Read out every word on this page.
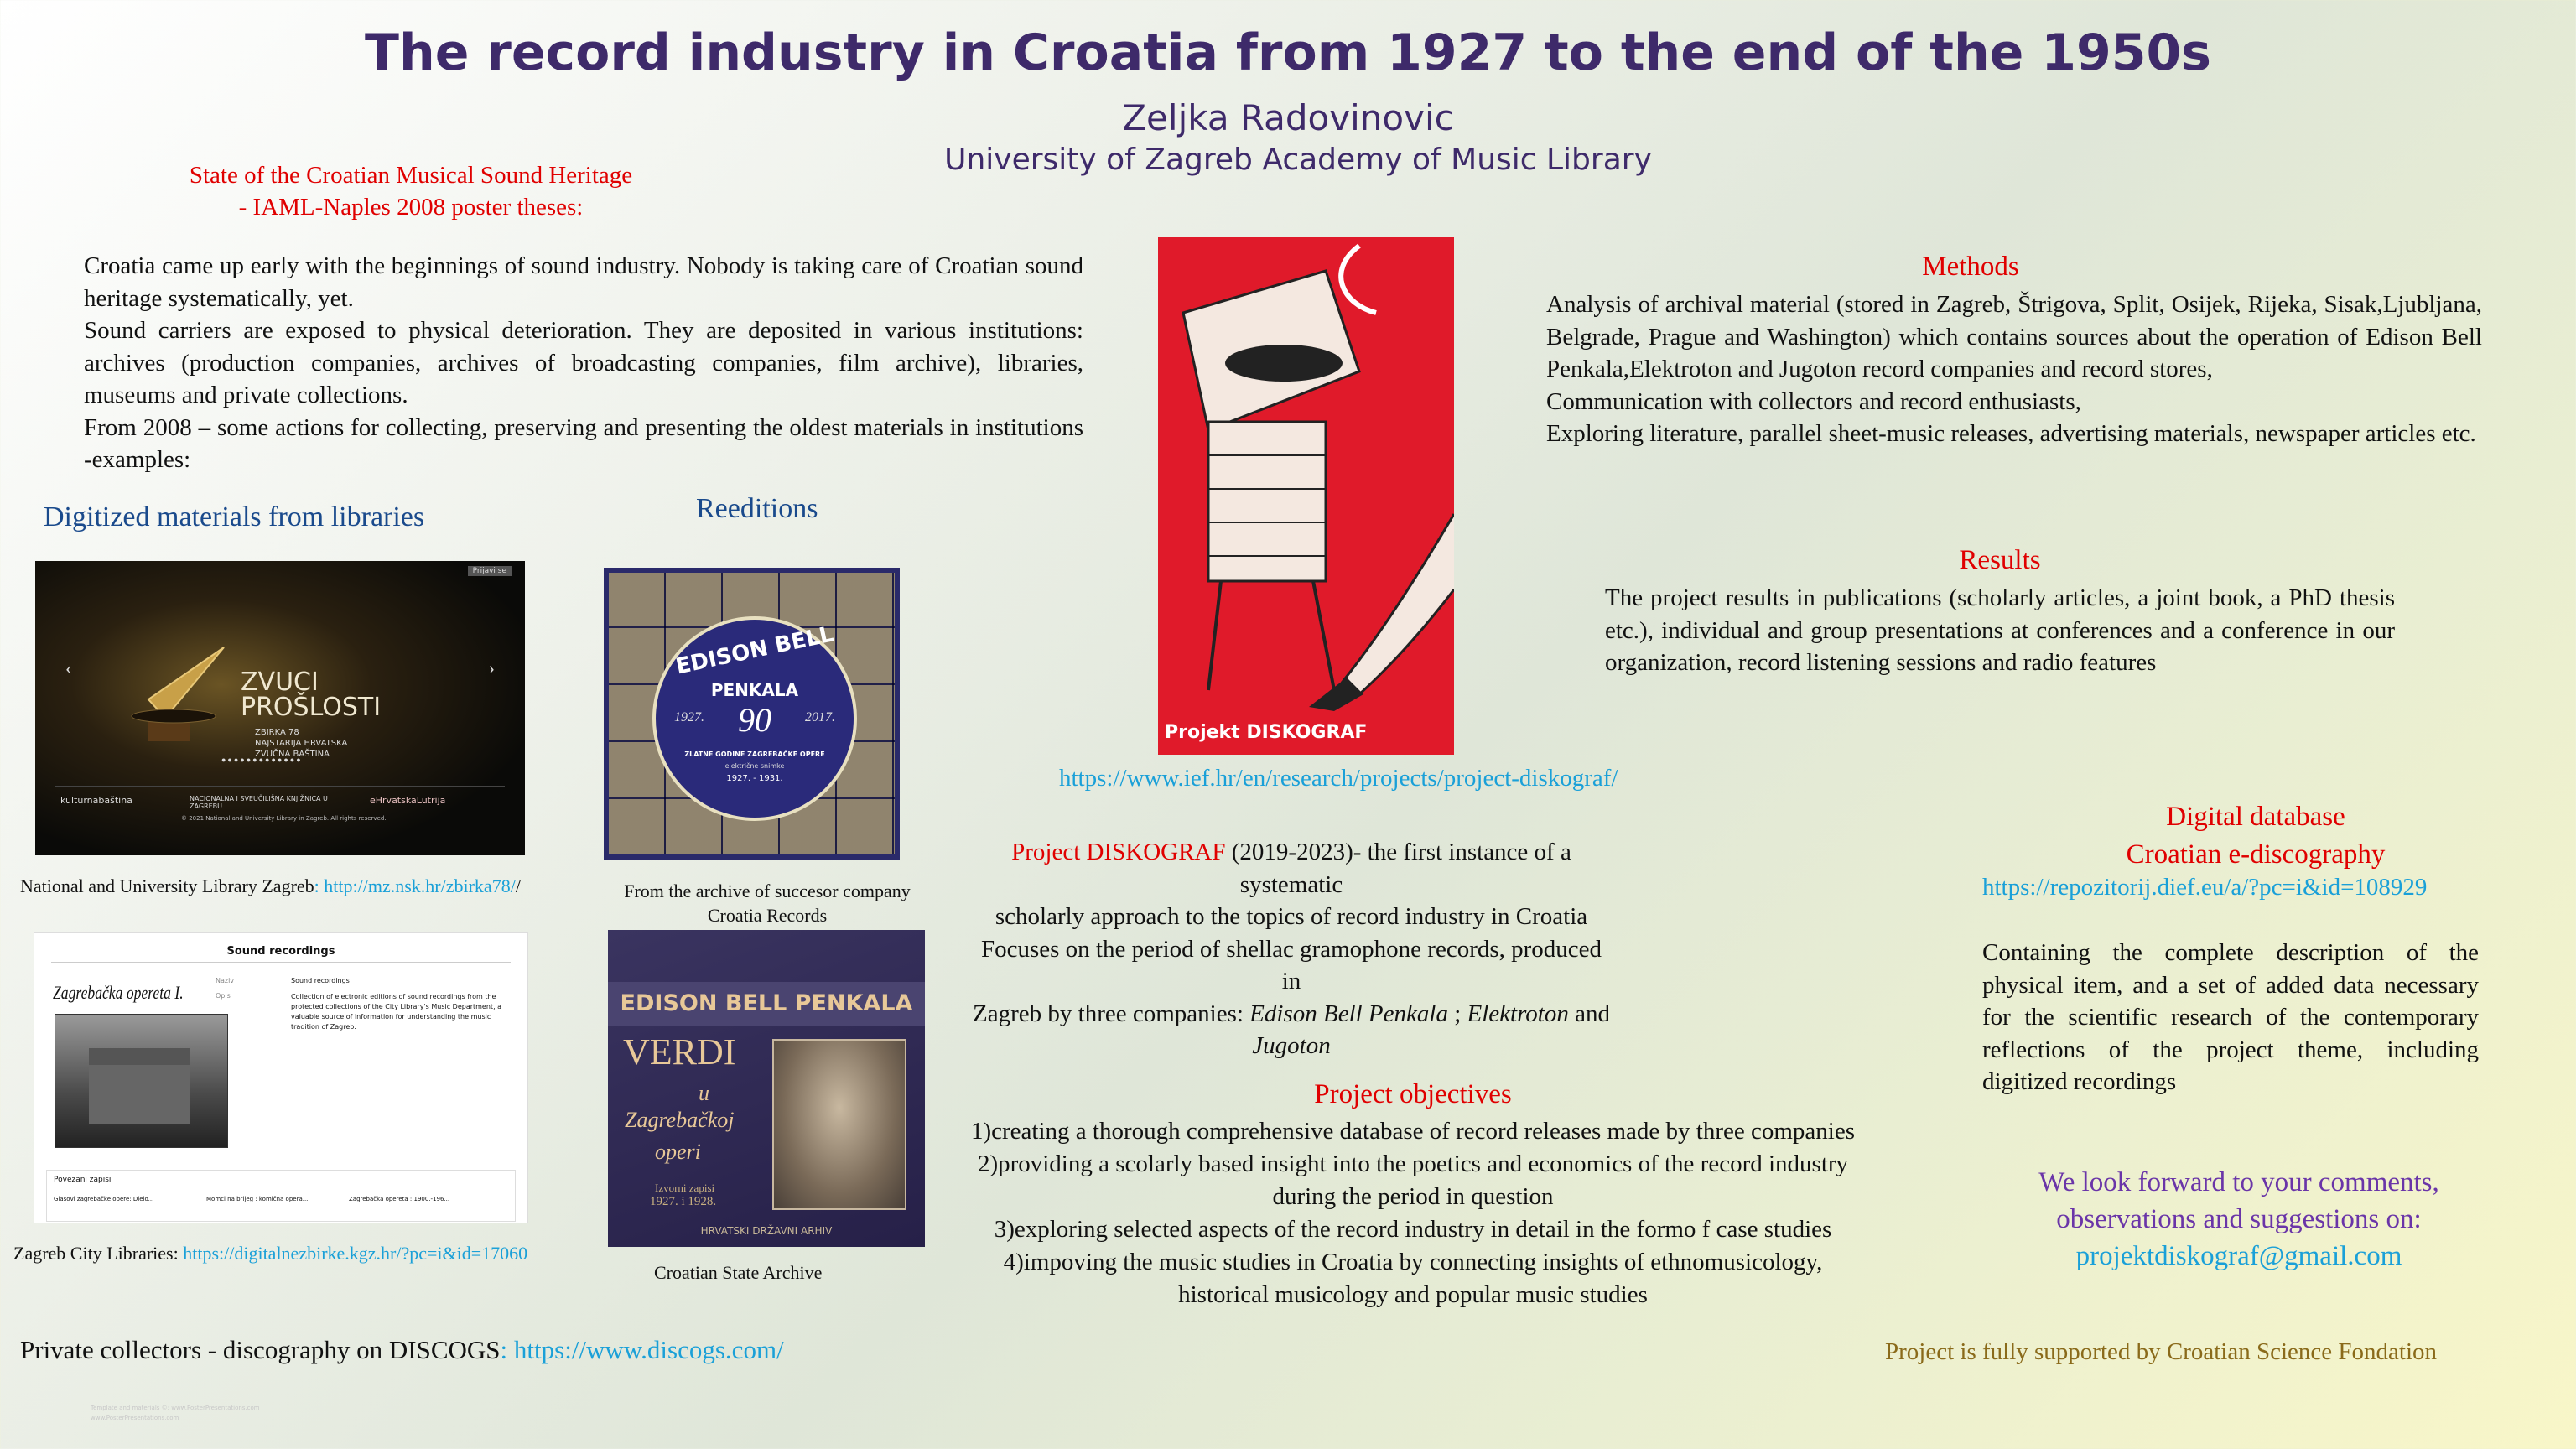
The record industry in Croatia from 1927 to the end of the 1950s
Zeljka Radovinovic
University of Zagreb Academy of Music Library
State of the Croatian Musical Sound Heritage
- IAML-Naples 2008 poster theses:

Croatia came up early with the beginnings of sound industry. Nobody is taking care of Croatian sound heritage systematically, yet.

Sound carriers are exposed to physical deterioration. They are deposited in various institutions: archives (production companies, archives of broadcasting companies, film archive), libraries, museums and private collections.

From 2008 – some actions for collecting, preserving and presenting the oldest materials in institutions -examples:

Digitized materials from libraries
Prijavi se
ZVUCI
PROŠLOSTI
ZBIRKA 78
NAJSTARIJA HRVATSKA
ZVUČNA BAŠTINA
‹	›
●●●●●●●●●●●●●
kulturnabaština	NACIONALNA I SVEUČILIŠNA KNJIŽNICA U ZAGREBU
eHrvatskaLutrija
© 2021 National and University Library in Zagreb. All rights reserved.
National and University Library Zagreb: http://mz.nsk.hr/zbirka78//
Sound recordings
Zagrebačka opereta I.
Naziv	Sound recordings
Opis	Collection of electronic editions of sound recordings from the protected collections of the City Library's Music Department, a valuable source of information for understanding the music tradition of Zagreb.
Povezani zapisi
Glasovi zagrebačke opere: Dielo...	Momci na brijeg : komična opera...	Zagrebačka opereta : 1900.-196...
Zagreb City Libraries: https://digitalnezbirke.kgz.hr/?pc=i&id=17060
Reeditions
EDISON BELL
PENKALA
1927.	90	2017.
ZLATNE GODINE ZAGREBAČKE OPERE
električne snimke
1927. - 1931.
From the archive of succesor company
Croatia Records
EDISON BELL PENKALA
VERDI
u
Zagrebačkoj
operi
Izvorni zapisi
1927. i 1928.
HRVATSKI DRŽAVNI ARHIV
Croatian State Archive
Projekt DISKOGRAF
https://www.ief.hr/en/research/projects/project-diskograf/
Project DISKOGRAF (2019-2023)- the first instance of a systematic
scholarly approach to the topics of record industry in Croatia
Focuses on the period of shellac gramophone records, produced in
Zagreb by three companies: Edison Bell Penkala ; Elektroton and
Jugoton
Project objectives
1)creating a thorough comprehensive database of record releases made by three companies
2)providing a scolarly based insight into the poetics and economics of the record industry
during the period in question
3)exploring selected aspects of the record industry in detail in the formo f case studies
4)impoving the music studies in Croatia by connecting insights of ethnomusicology,
historical musicology and popular music studies
Methods

Analysis of archival material (stored in Zagreb, Štrigova, Split, Osijek, Rijeka, Sisak,Ljubljana, Belgrade, Prague and Washington) which contains sources about the operation of Edison Bell Penkala,Elektroton and Jugoton record companies and record stores,

Communication with collectors and record enthusiasts,

Exploring literature, parallel sheet-music releases, advertising materials, newspaper articles etc.

Results

The project results in publications (scholarly articles, a joint book, a PhD thesis etc.), individual and group presentations at conferences and a conference in our organization, record listening sessions and radio features

Digital database
Croatian e-discography
https://repozitorij.dief.eu/a/?pc=i&id=108929

Containing the complete description of the physical item, and a set of added data necessary for the scientific research of the contemporary reflections of the project theme, including digitized recordings

We look forward to your comments,
observations and suggestions on:
projektdiskograf@gmail.com
Private collectors - discography on DISCOGS: https://www.discogs.com/	Project is fully supported by Croatian Science Fondation
Template and materials ©: www.PosterPresentations.com
www.PosterPresentations.com
